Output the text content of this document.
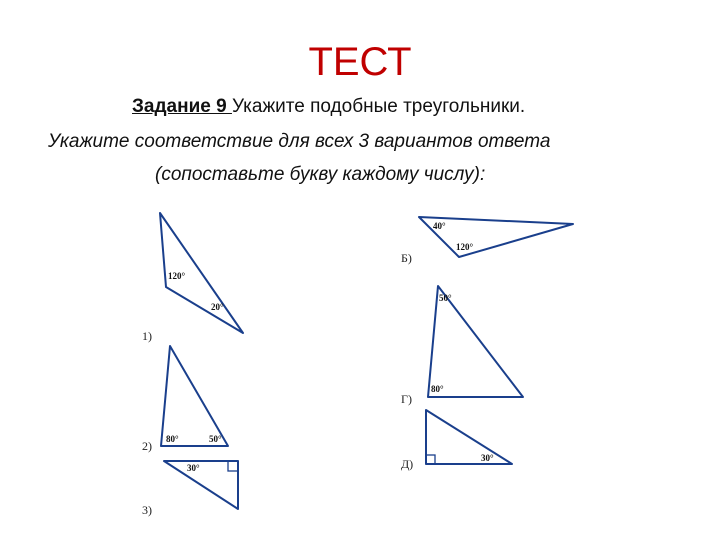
ТЕСТ
Задание 9 Укажите подобные треугольники.
Укажите соответствие для всех 3 вариантов ответа
(сопоставьте букву каждому числу):
120°
20°
80°	50°
30°
40°
120°
50°
80°
30°
1)
2)
3)
Б)
Г)
Д)
